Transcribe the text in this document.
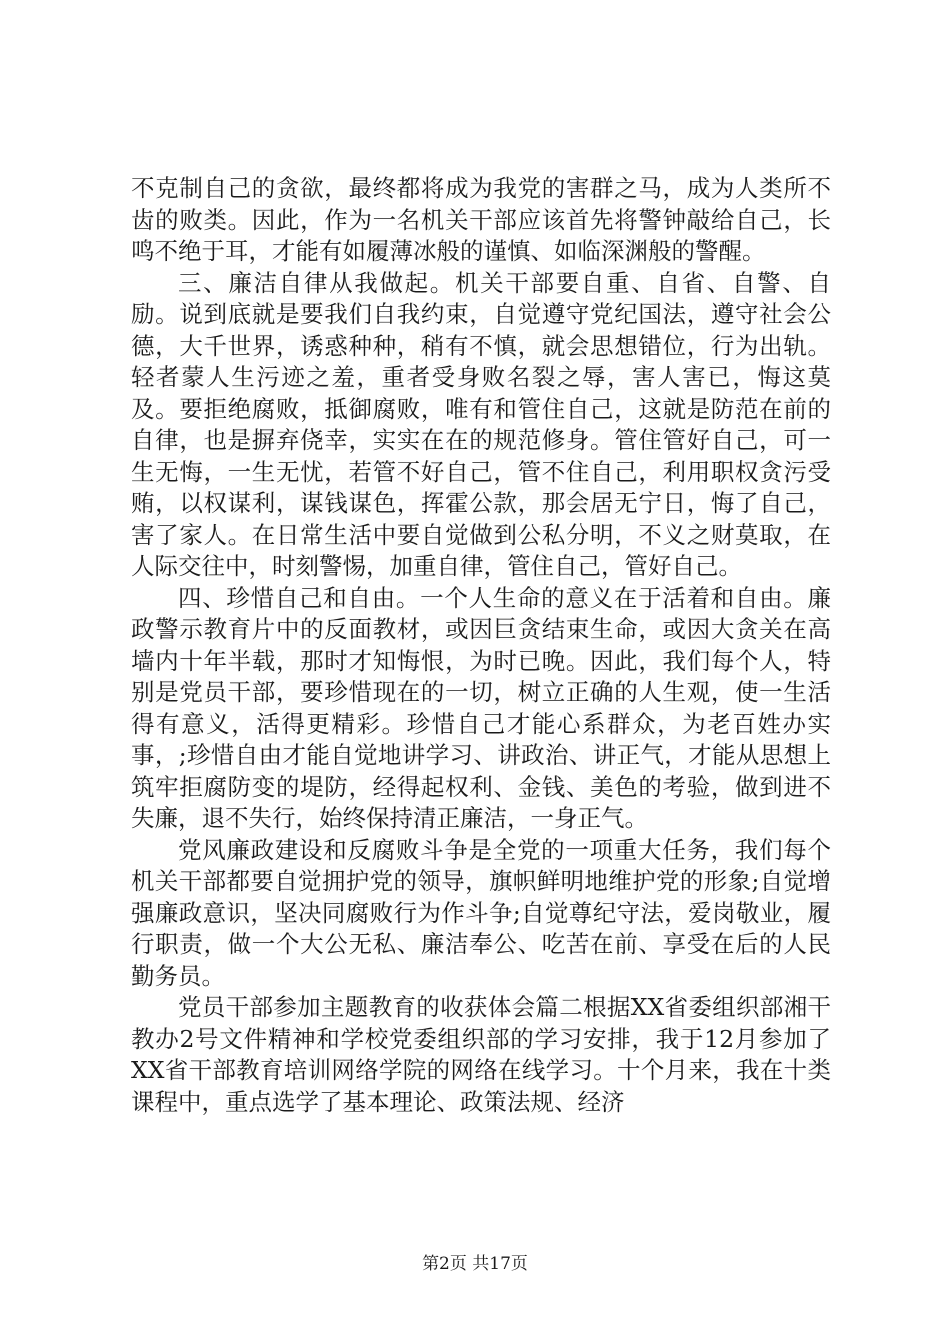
不克制自己的贪欲，最终都将成为我党的害群之马，成为人类所不齿的败类。因此，作为一名机关干部应该首先将警钟敲给自己，长鸣不绝于耳，才能有如履薄冰般的谨慎、如临深渊般的警醒。

三、廉洁自律从我做起。机关干部要自重、自省、自警、自励。说到底就是要我们自我约束，自觉遵守党纪国法，遵守社会公德，大千世界，诱惑种种，稍有不慎，就会思想错位，行为出轨。轻者蒙人生污迹之羞，重者受身败名裂之辱，害人害已，悔这莫及。要拒绝腐败，抵御腐败，唯有和管住自己，这就是防范在前的自律，也是摒弃侥幸，实实在在的规范修身。管住管好自己，可一生无悔，一生无忧，若管不好自己，管不住自己，利用职权贪污受贿，以权谋利，谋钱谋色，挥霍公款，那会居无宁日，悔了自己，害了家人。在日常生活中要自觉做到公私分明，不义之财莫取，在人际交往中，时刻警惕，加重自律，管住自己，管好自己。

四、珍惜自己和自由。一个人生命的意义在于活着和自由。廉政警示教育片中的反面教材，或因巨贪结束生命，或因大贪关在高墙内十年半载，那时才知悔恨，为时已晚。因此，我们每个人，特别是党员干部，要珍惜现在的一切，树立正确的人生观，使一生活得有意义，活得更精彩。珍惜自己才能心系群众，为老百姓办实事，;珍惜自由才能自觉地讲学习、讲政治、讲正气，才能从思想上筑牢拒腐防变的堤防，经得起权利、金钱、美色的考验，做到进不失廉，退不失行，始终保持清正廉洁，一身正气。

党风廉政建设和反腐败斗争是全党的一项重大任务，我们每个机关干部都要自觉拥护党的领导，旗帜鲜明地维护党的形象;自觉增强廉政意识，坚决同腐败行为作斗争;自觉尊纪守法，爱岗敬业，履行职责，做一个大公无私、廉洁奉公、吃苦在前、享受在后的人民勤务员。

党员干部参加主题教育的收获体会篇二根据XX省委组织部湘干教办2号文件精神和学校党委组织部的学习安排，我于12月参加了XX省干部教育培训网络学院的网络在线学习。十个月来，我在十类课程中，重点选学了基本理论、政策法规、经济

第2页 共17页
